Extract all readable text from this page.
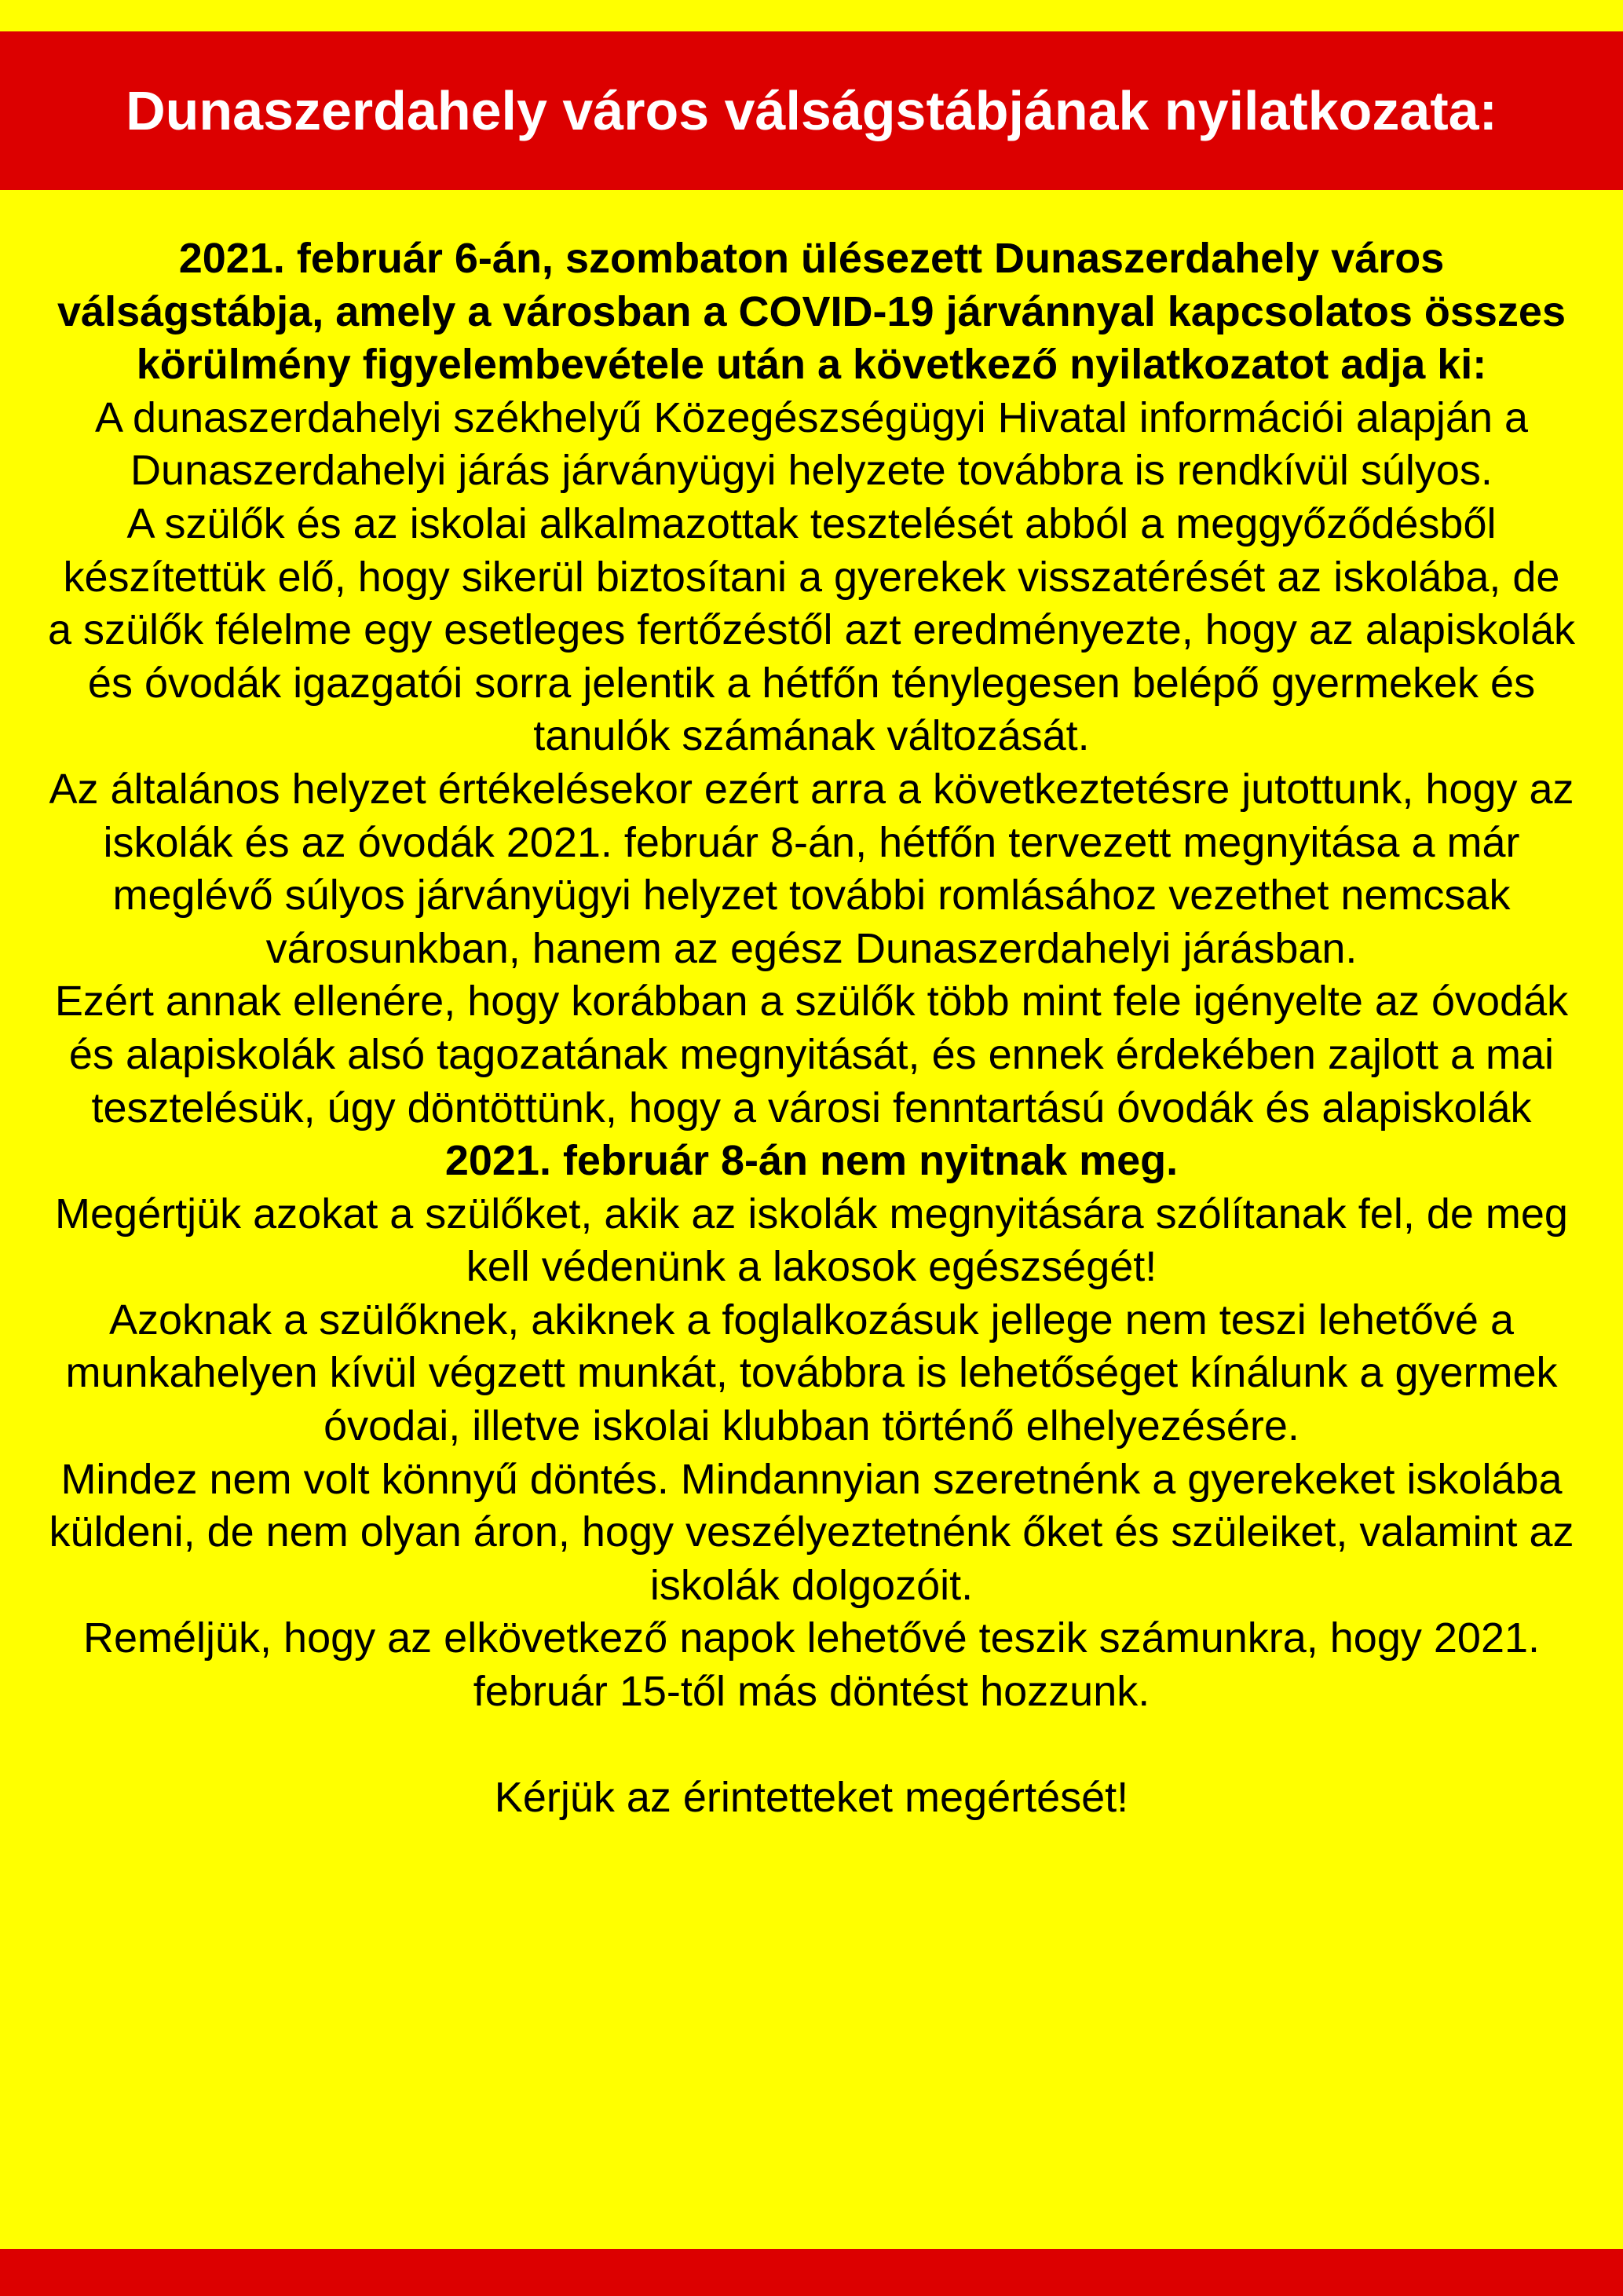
Dunaszerdahely város válságstábjának nyilatkozata:

2021. február 6-án, szombaton ülésezett Dunaszerdahely város válságstábja, amely a városban a COVID-19 járvánnyal kapcsolatos összes körülmény figyelembevétele után a következő nyilatkozatot adja ki:

A dunaszerdahelyi székhelyű Közegészségügyi Hivatal információi alapján a Dunaszerdahelyi járás járványügyi helyzete továbbra is rendkívül súlyos.

A szülők és az iskolai alkalmazottak tesztelését abból a meggyőződésből készítettük elő, hogy sikerül biztosítani a gyerekek visszatérését az iskolába, de a szülők félelme egy esetleges fertőzéstől azt eredményezte, hogy az alapiskolák és óvodák igazgatói sorra jelentik a hétfőn ténylegesen belépő gyermekek és tanulók számának változását.

Az általános helyzet értékelésekor ezért arra a következtetésre jutottunk, hogy az iskolák és az óvodák 2021. február 8-án, hétfőn tervezett megnyitása a már meglévő súlyos járványügyi helyzet további romlásához vezethet nemcsak városunkban, hanem az egész Dunaszerdahelyi járásban.

Ezért annak ellenére, hogy korábban a szülők több mint fele igényelte az óvodák és alapiskolák alsó tagozatának megnyitását, és ennek érdekében zajlott a mai tesztelésük, úgy döntöttünk, hogy a városi fenntartású óvodák és alapiskolák 2021. február 8-án nem nyitnak meg.

Megértjük azokat a szülőket, akik az iskolák megnyitására szólítanak fel, de meg kell védenünk a lakosok egészségét!

Azoknak a szülőknek, akiknek a foglalkozásuk jellege nem teszi lehetővé a munkahelyen kívül végzett munkát, továbbra is lehetőséget kínálunk a gyermek óvodai, illetve iskolai klubban történő elhelyezésére.

Mindez nem volt könnyű döntés. Mindannyian szeretnénk a gyerekeket iskolába küldeni, de nem olyan áron, hogy veszélyeztetnénk őket és szüleiket, valamint az iskolák dolgozóit.

Reméljük, hogy az elkövetkező napok lehetővé teszik számunkra, hogy 2021. február 15-től más döntést hozzunk.

Kérjük az érintetteket megértését!
